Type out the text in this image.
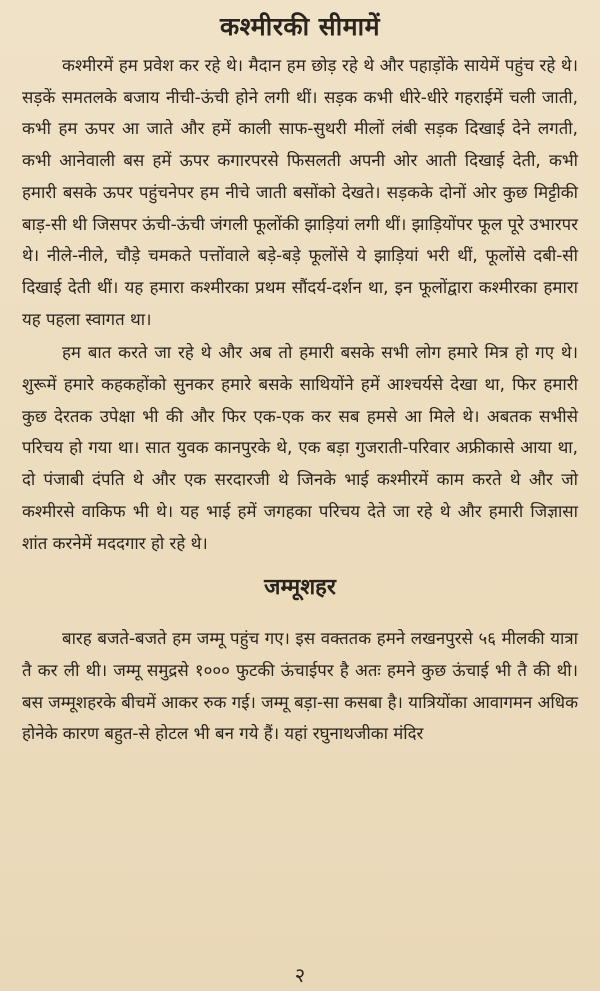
कश्मीरकी सीमामें

कश्मीरमें हम प्रवेश कर रहे थे। मैदान हम छोड़ रहे थे और पहाड़ोंके सायेमें पहुंच रहे थे। सड़कें समतलके बजाय नीची-ऊंची होने लगी थीं। सड़क कभी धीरे-धीरे गहराईमें चली जाती, कभी हम ऊपर आ जाते और हमें काली साफ-सुथरी मीलों लंबी सड़क दिखाई देने लगती, कभी आनेवाली बस हमें ऊपर कगारपरसे फिसलती अपनी ओर आती दिखाई देती, कभी हमारी बसके ऊपर पहुंचनेपर हम नीचे जाती बसोंको देखते। सड़कके दोनों ओर कुछ मिट्टीकी बाड़-सी थी जिसपर ऊंची-ऊंची जंगली फूलोंकी झाड़ियां लगी थीं। झाड़ियोंपर फूल पूरे उभारपर थे। नीले-नीले, चौड़े चमकते पत्तोंवाले बड़े-बड़े फूलोंसे ये झाड़ियां भरी थीं, फूलोंसे दबी-सी दिखाई देती थीं। यह हमारा कश्मीरका प्रथम सौंदर्य-दर्शन था, इन फूलोंद्वारा कश्मीरका हमारा यह पहला स्वागत था।

हम बात करते जा रहे थे और अब तो हमारी बसके सभी लोग हमारे मित्र हो गए थे। शुरूमें हमारे कहकहोंको सुनकर हमारे बसके साथियोंने हमें आश्चर्यसे देखा था, फिर हमारी कुछ देरतक उपेक्षा भी की और फिर एक-एक कर सब हमसे आ मिले थे। अबतक सभीसे परिचय हो गया था। सात युवक कानपुरके थे, एक बड़ा गुजराती-परिवार अफ्रीकासे आया था, दो पंजाबी दंपति थे और एक सरदारजी थे जिनके भाई कश्मीरमें काम करते थे और जो कश्मीरसे वाकिफ भी थे। यह भाई हमें जगहका परिचय देते जा रहे थे और हमारी जिज्ञासा शांत करनेमें मददगार हो रहे थे।

जम्मूशहर

बारह बजते-बजते हम जम्मू पहुंच गए। इस वक्ततक हमने लखनपुरसे ५६ मीलकी यात्रा तै कर ली थी। जम्मू समुद्रसे १००० फुटकी ऊंचाईपर है अतः हमने कुछ ऊंचाई भी तै की थी। बस जम्मूशहरके बीचमें आकर रुक गई। जम्मू बड़ा-सा कसबा है। यात्रियोंका आवागमन अधिक होनेके कारण बहुत-से होटल भी बन गये हैं। यहां रघुनाथजीका मंदिर

२
